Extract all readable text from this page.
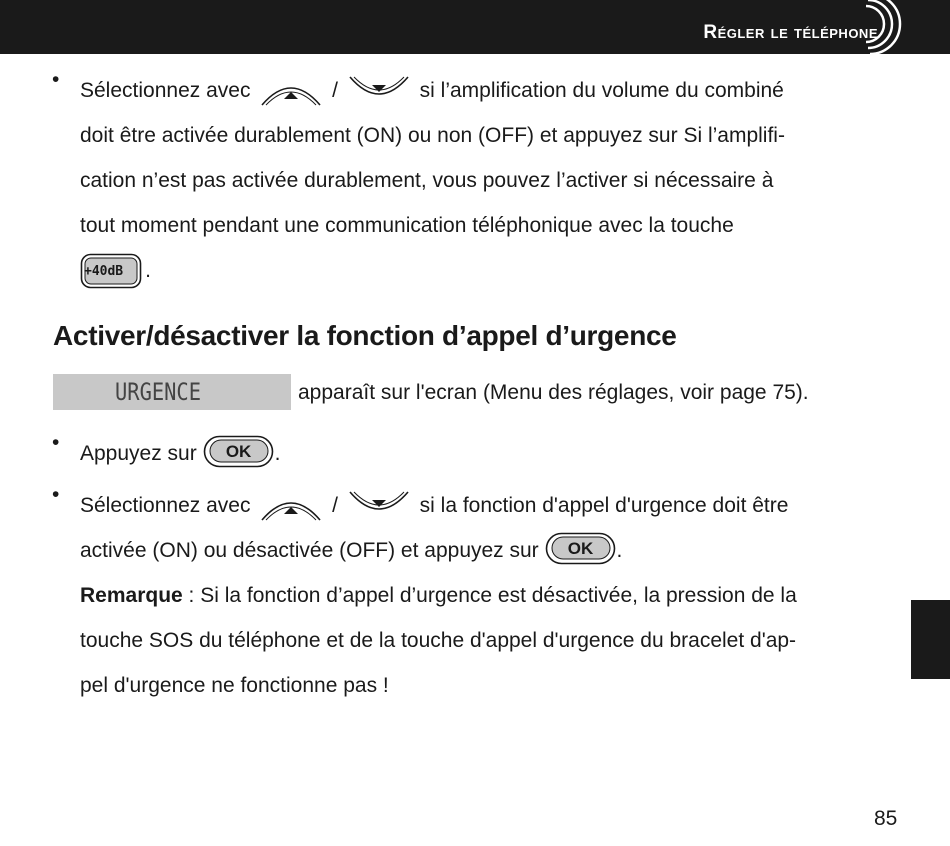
Régler le téléphone
• Sélectionnez avec	/	si l’amplification du volume du combiné
doit être activée durablement (ON) ou non (OFF) et appuyez sur Si l’amplifi-
cation n’est pas activée durablement, vous pouvez l’activer si nécessaire à
tout moment pendant une communication téléphonique avec la touche
+40dB .

Activer/désactiver la fonction d’appel d’urgence
URGENCE	apparaît sur l'ecran (Menu des réglages, voir page 75).
• Appuyez sur	OK	.

• Sélectionnez avec	/	si la fonction d'appel d'urgence doit être
activée (ON) ou désactivée (OFF) et appuyez sur	OK	.
Remarque : Si la fonction d’appel d’urgence est désactivée, la pression de la
touche SOS du téléphone et de la touche d'appel d'urgence du bracelet d'ap-
pel d'urgence ne fonctionne pas !

85
